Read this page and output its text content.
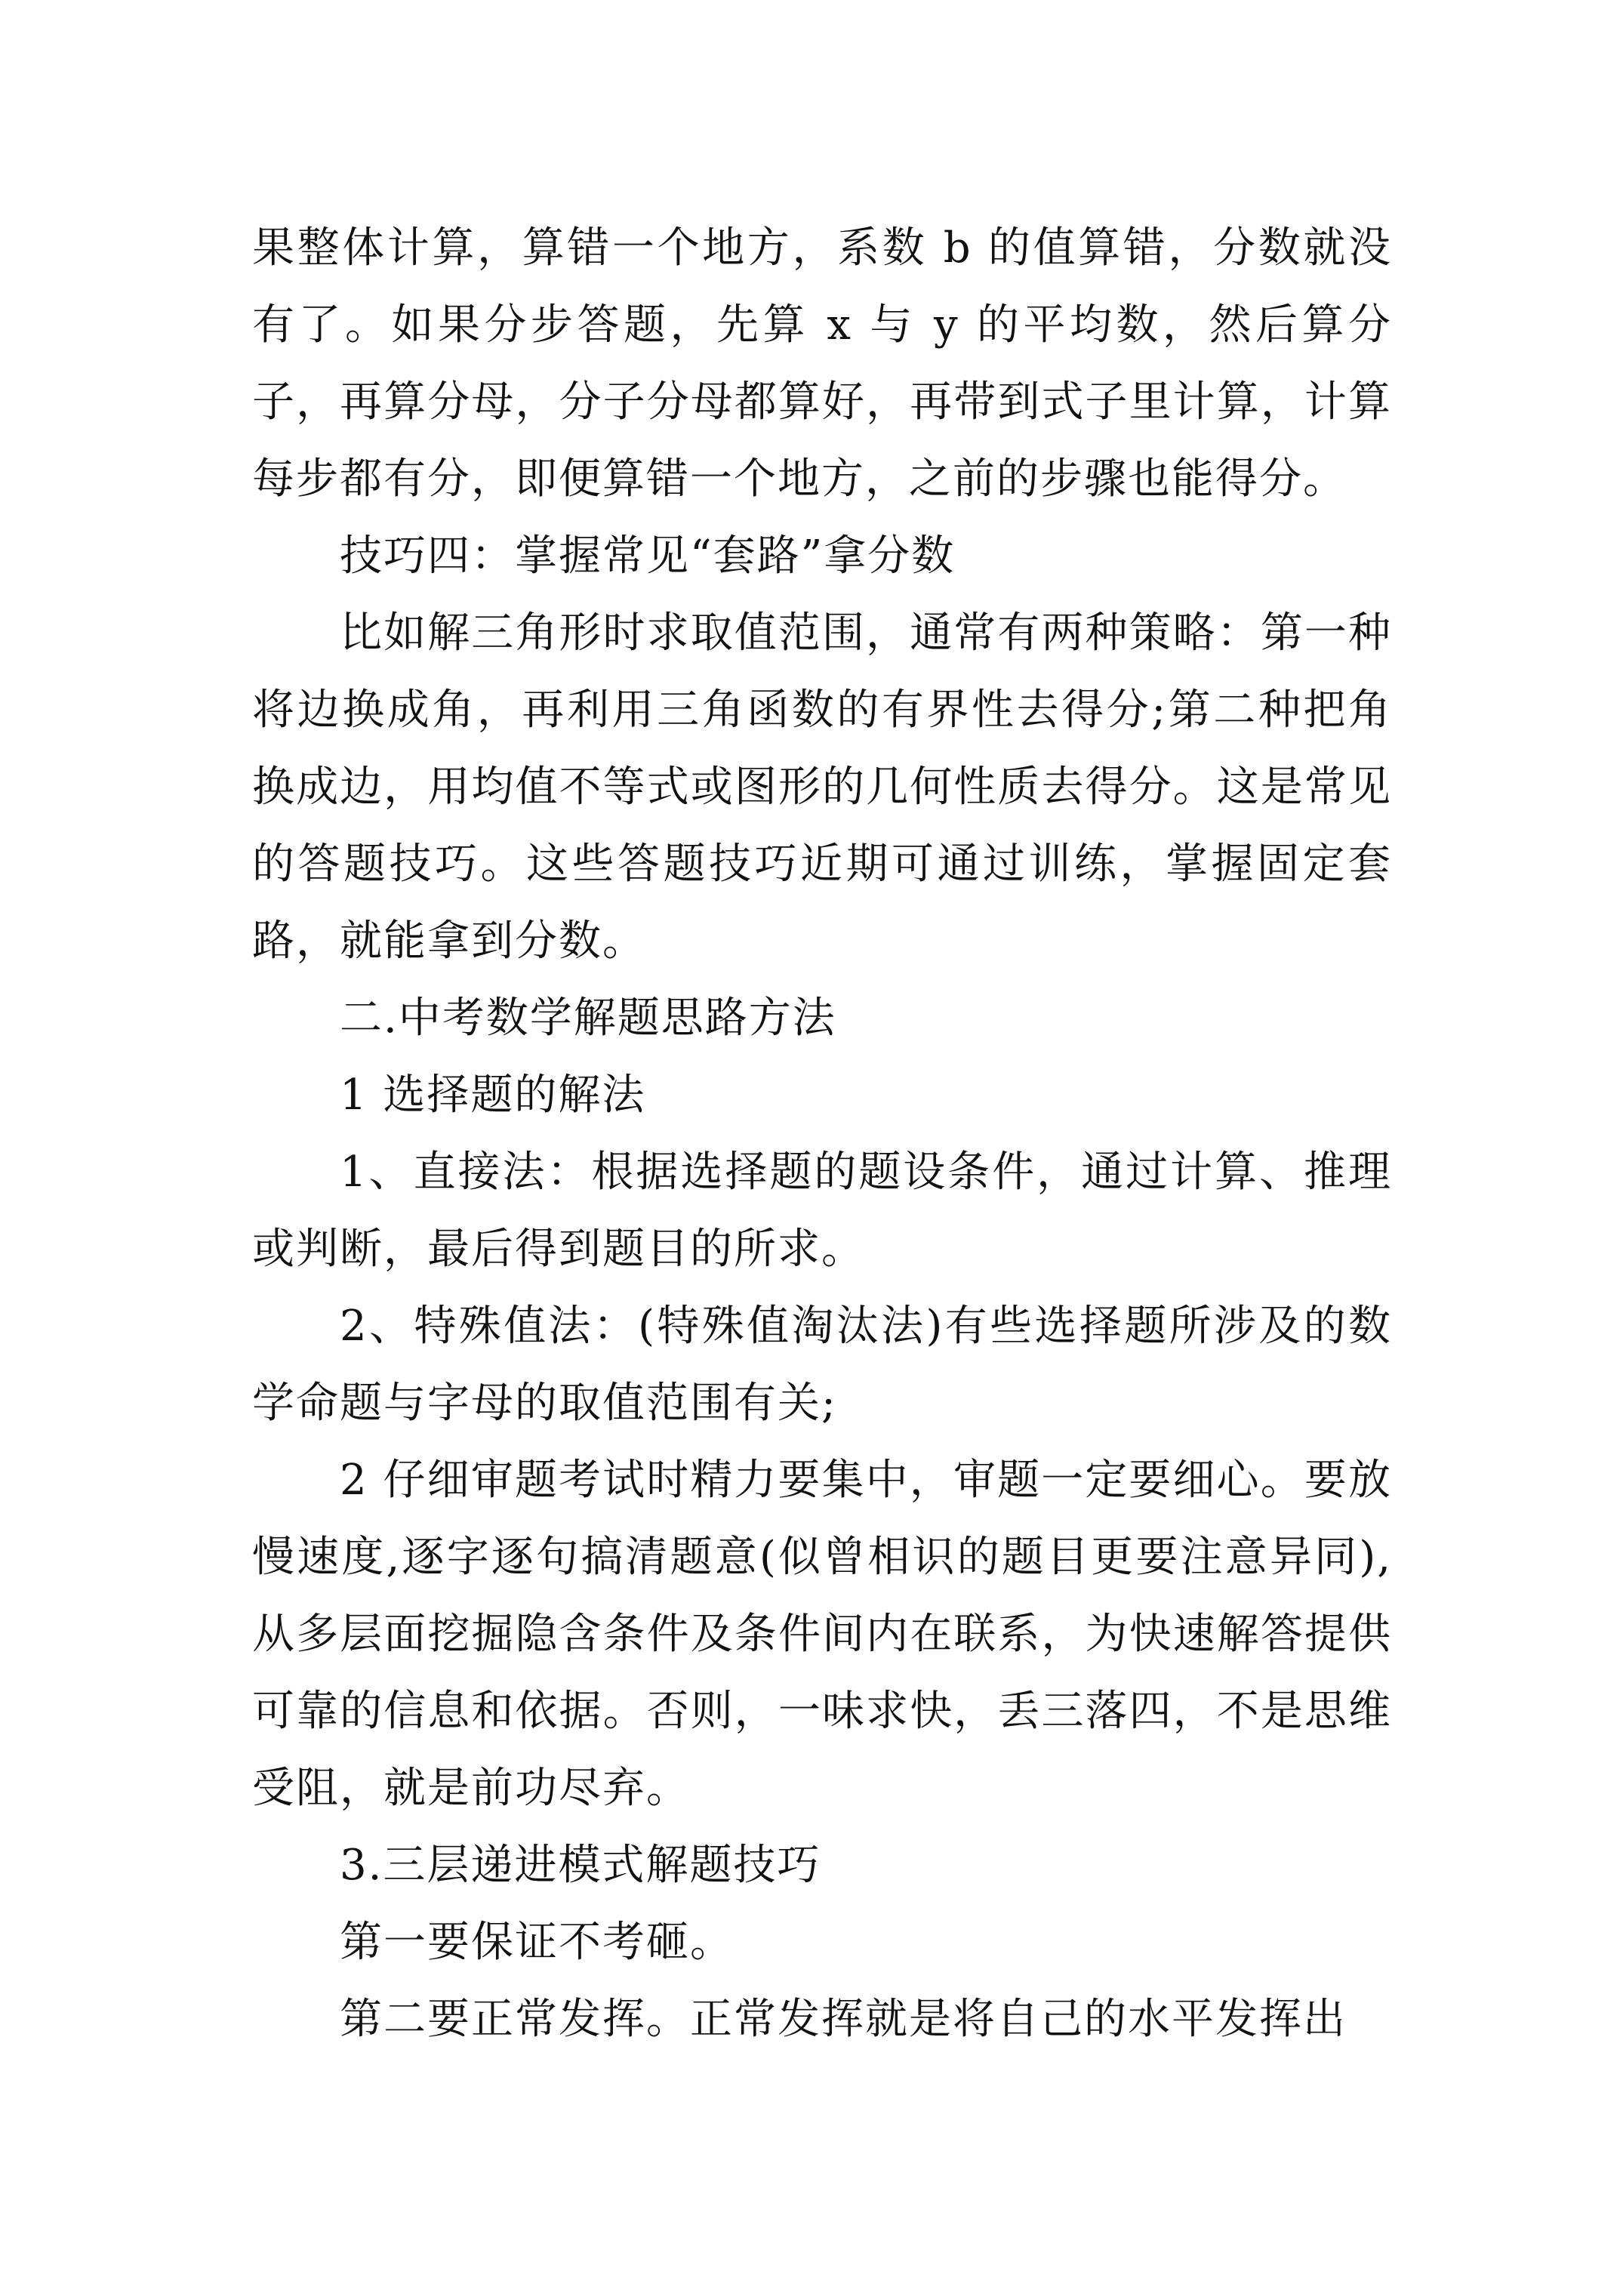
果整体计算，算错一个地方，系数 b 的值算错，分数就没有了。如果分步答题，先算 x 与 y 的平均数，然后算分子，再算分母，分子分母都算好，再带到式子里计算，计算每步都有分，即便算错一个地方，之前的步骤也能得分。

技巧四：掌握常见“套路”拿分数

比如解三角形时求取值范围，通常有两种策略：第一种将边换成角，再利用三角函数的有界性去得分;第二种把角换成边，用均值不等式或图形的几何性质去得分。这是常见的答题技巧。这些答题技巧近期可通过训练，掌握固定套路，就能拿到分数。

二.中考数学解题思路方法

1 选择题的解法

1、直接法：根据选择题的题设条件，通过计算、推理或判断，最后得到题目的所求。

2、特殊值法：(特殊值淘汰法)有些选择题所涉及的数学命题与字母的取值范围有关;

2 仔细审题考试时精力要集中，审题一定要细心。要放慢速度,逐字逐句搞清题意(似曾相识的题目更要注意异同),从多层面挖掘隐含条件及条件间内在联系，为快速解答提供可靠的信息和依据。否则，一味求快，丢三落四，不是思维受阻，就是前功尽弃。

3.三层递进模式解题技巧

第一要保证不考砸。

第二要正常发挥。正常发挥就是将自己的水平发挥出
